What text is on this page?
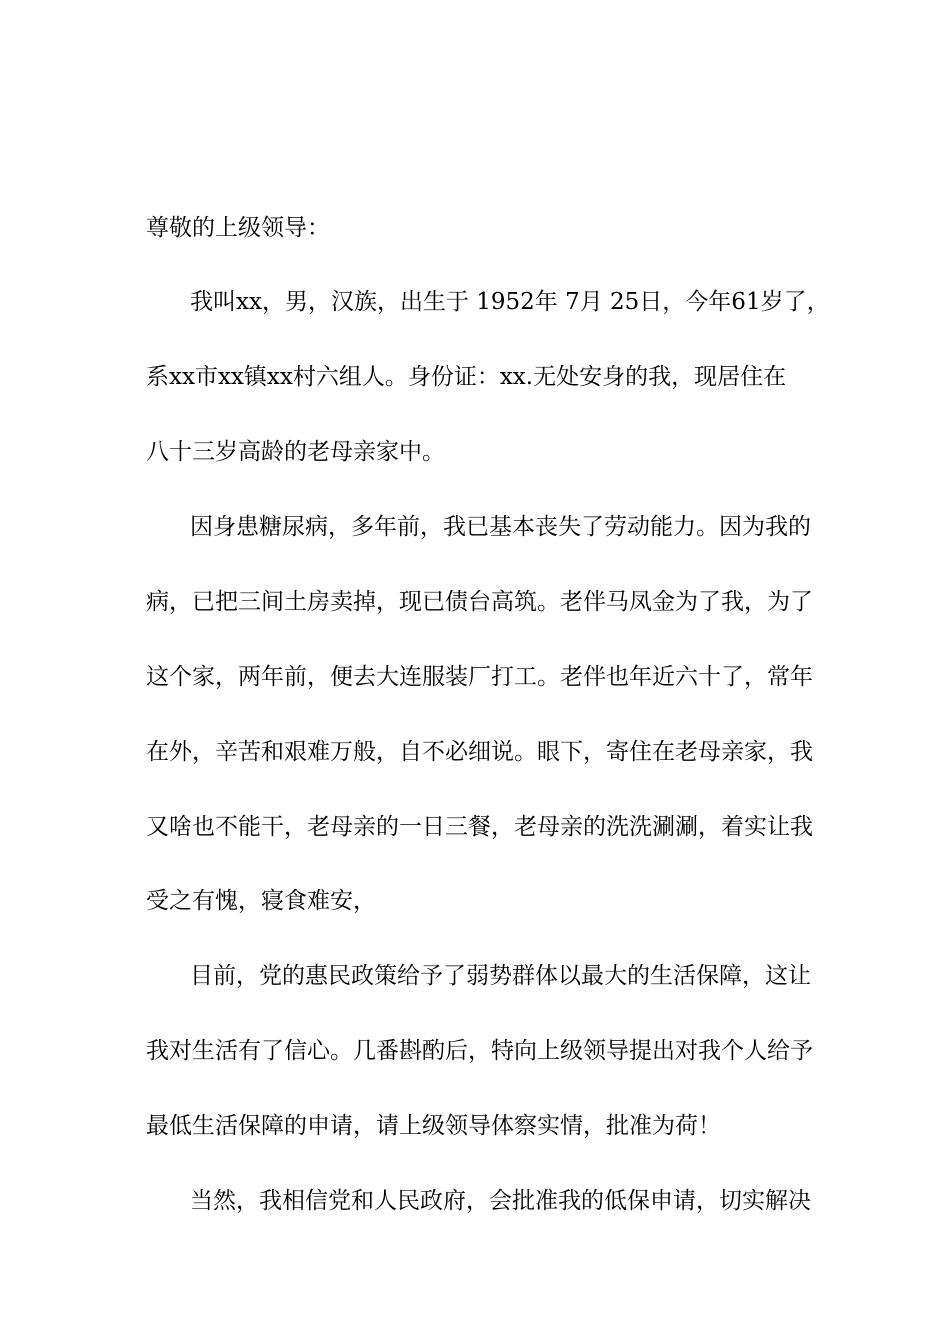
尊敬的上级领导：
我叫xx，男，汉族，出生于 1952年 7月 25日，今年61岁了，
系xx市xx镇xx村六组人。身份证：xx.无处安身的我，现居住在
八十三岁高龄的老母亲家中。
因身患糖尿病，多年前，我已基本丧失了劳动能力。因为我的
病，已把三间土房卖掉，现已债台高筑。老伴马凤金为了我，为了
这个家，两年前，便去大连服装厂打工。老伴也年近六十了，常年
在外，辛苦和艰难万般，自不必细说。眼下，寄住在老母亲家，我
又啥也不能干，老母亲的一日三餐，老母亲的洗洗涮涮，着实让我
受之有愧，寝食难安，
目前，党的惠民政策给予了弱势群体以最大的生活保障，这让
我对生活有了信心。几番斟酌后，特向上级领导提出对我个人给予
最低生活保障的申请，请上级领导体察实情，批准为荷！
当然，我相信党和人民政府，会批准我的低保申请，切实解决
